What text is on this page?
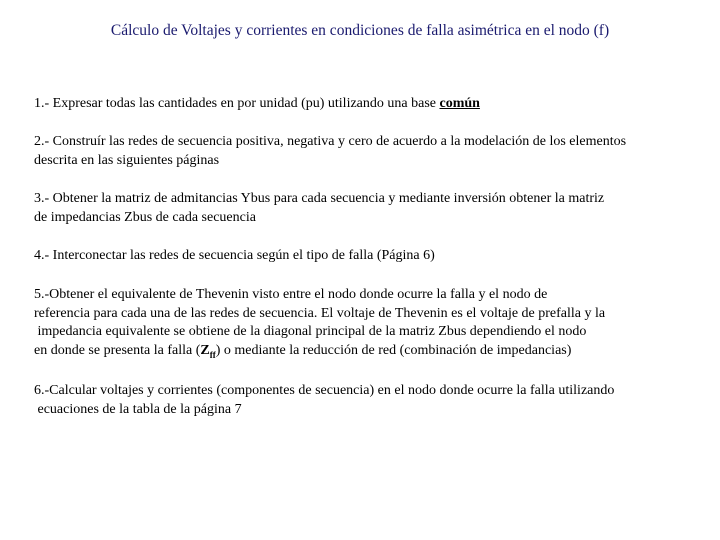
Cálculo de Voltajes y corrientes en condiciones de falla asimétrica en el nodo (f)
1.- Expresar todas las cantidades en por unidad (pu) utilizando una base común
2.- Construír las redes de secuencia positiva, negativa y cero de acuerdo a la modelación de los elementos
descrita en las siguientes páginas
3.- Obtener la matriz de admitancias Ybus para cada secuencia y mediante inversión obtener la matriz
de impedancias Zbus de cada secuencia
4.- Interconectar las redes de secuencia según el tipo de falla (Página 6)
5.-Obtener el equivalente de Thevenin visto entre el nodo donde ocurre la falla y el nodo de
referencia para cada una de las redes de secuencia. El voltaje de Thevenin es el voltaje de prefalla y la
impedancia equivalente se obtiene de la diagonal principal de la matriz Zbus dependiendo el nodo
en donde se presenta la falla $(Z_{ff})$ o mediante la reducción de red (combinación de impedancias)
6.-Calcular voltajes y corrientes (componentes de secuencia) en el nodo donde ocurre la falla utilizando
ecuaciones de la tabla de la página 7
